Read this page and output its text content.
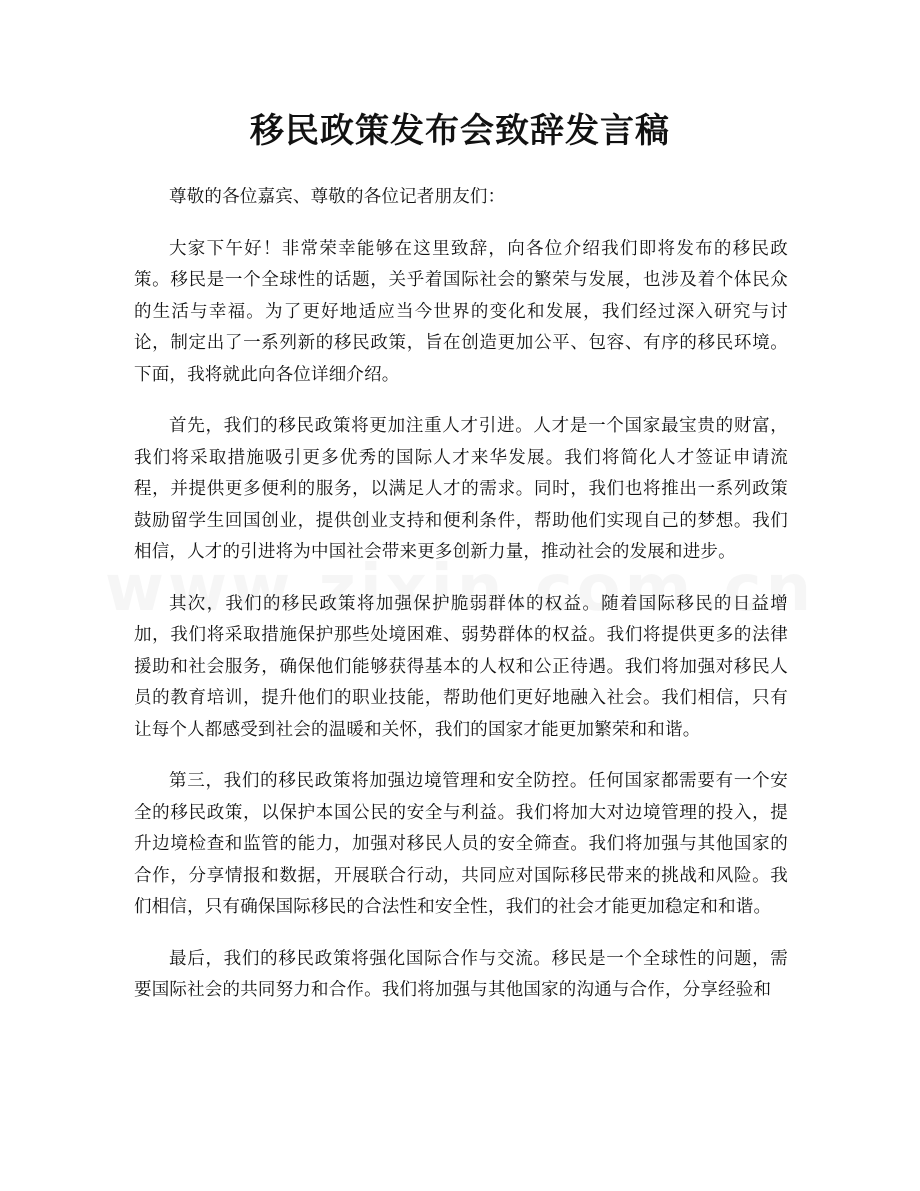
移民政策发布会致辞发言稿

尊敬的各位嘉宾、尊敬的各位记者朋友们：

大家下午好！非常荣幸能够在这里致辞，向各位介绍我们即将发布的移民政策。移民是一个全球性的话题，关乎着国际社会的繁荣与发展，也涉及着个体民众的生活与幸福。为了更好地适应当今世界的变化和发展，我们经过深入研究与讨论，制定出了一系列新的移民政策，旨在创造更加公平、包容、有序的移民环境。下面，我将就此向各位详细介绍。

首先，我们的移民政策将更加注重人才引进。人才是一个国家最宝贵的财富，我们将采取措施吸引更多优秀的国际人才来华发展。我们将简化人才签证申请流程，并提供更多便利的服务，以满足人才的需求。同时，我们也将推出一系列政策鼓励留学生回国创业，提供创业支持和便利条件，帮助他们实现自己的梦想。我们相信，人才的引进将为中国社会带来更多创新力量，推动社会的发展和进步。

其次，我们的移民政策将加强保护脆弱群体的权益。随着国际移民的日益增加，我们将采取措施保护那些处境困难、弱势群体的权益。我们将提供更多的法律援助和社会服务，确保他们能够获得基本的人权和公正待遇。我们将加强对移民人员的教育培训，提升他们的职业技能，帮助他们更好地融入社会。我们相信，只有让每个人都感受到社会的温暖和关怀，我们的国家才能更加繁荣和和谐。

第三，我们的移民政策将加强边境管理和安全防控。任何国家都需要有一个安全的移民政策，以保护本国公民的安全与利益。我们将加大对边境管理的投入，提升边境检查和监管的能力，加强对移民人员的安全筛查。我们将加强与其他国家的合作，分享情报和数据，开展联合行动，共同应对国际移民带来的挑战和风险。我们相信，只有确保国际移民的合法性和安全性，我们的社会才能更加稳定和和谐。

最后，我们的移民政策将强化国际合作与交流。移民是一个全球性的问题，需要国际社会的共同努力和合作。我们将加强与其他国家的沟通与合作，分享经验和
